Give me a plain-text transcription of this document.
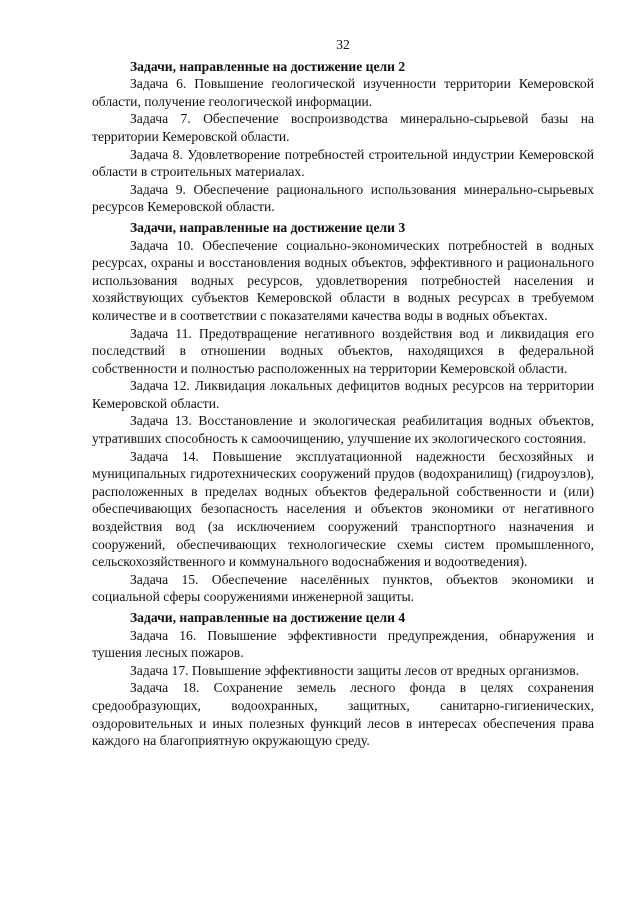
32
Задачи, направленные на достижение цели 2
Задача 6. Повышение геологической изученности территории Кемеровской области, получение геологической информации.
Задача 7. Обеспечение воспроизводства минерально-сырьевой базы на территории Кемеровской области.
Задача 8. Удовлетворение потребностей строительной индустрии Кемеровской области в строительных материалах.
Задача 9. Обеспечение рационального использования минерально-сырьевых ресурсов Кемеровской области.
Задачи, направленные на достижение цели 3
Задача 10. Обеспечение социально-экономических потребностей в водных ресурсах, охраны и восстановления водных объектов, эффективного и рационального использования водных ресурсов, удовлетворения потребностей населения и хозяйствующих субъектов Кемеровской области в водных ресурсах в требуемом количестве и в соответствии с показателями качества воды в водных объектах.
Задача 11. Предотвращение негативного воздействия вод и ликвидация его последствий в отношении водных объектов, находящихся в федеральной собственности и полностью расположенных на территории Кемеровской области.
Задача 12. Ликвидация локальных дефицитов водных ресурсов на территории Кемеровской области.
Задача 13. Восстановление и экологическая реабилитация водных объектов, утративших способность к самоочищению, улучшение их экологического состояния.
Задача 14. Повышение эксплуатационной надежности бесхозяйных и муниципальных гидротехнических сооружений прудов (водохранилищ) (гидроузлов), расположенных в пределах водных объектов федеральной собственности и (или) обеспечивающих безопасность населения и объектов экономики от негативного воздействия вод (за исключением сооружений транспортного назначения и сооружений, обеспечивающих технологические схемы систем промышленного, сельскохозяйственного и коммунального водоснабжения и водоотведения).
Задача 15. Обеспечение населённых пунктов, объектов экономики и социальной сферы сооружениями инженерной защиты.
Задачи, направленные на достижение цели 4
Задача 16. Повышение эффективности предупреждения, обнаружения и тушения лесных пожаров.
Задача 17. Повышение эффективности защиты лесов от вредных организмов.
Задача 18. Сохранение земель лесного фонда в целях сохранения средообразующих, водоохранных, защитных, санитарно-гигиенических, оздоровительных и иных полезных функций лесов в интересах обеспечения права каждого на благоприятную окружающую среду.
